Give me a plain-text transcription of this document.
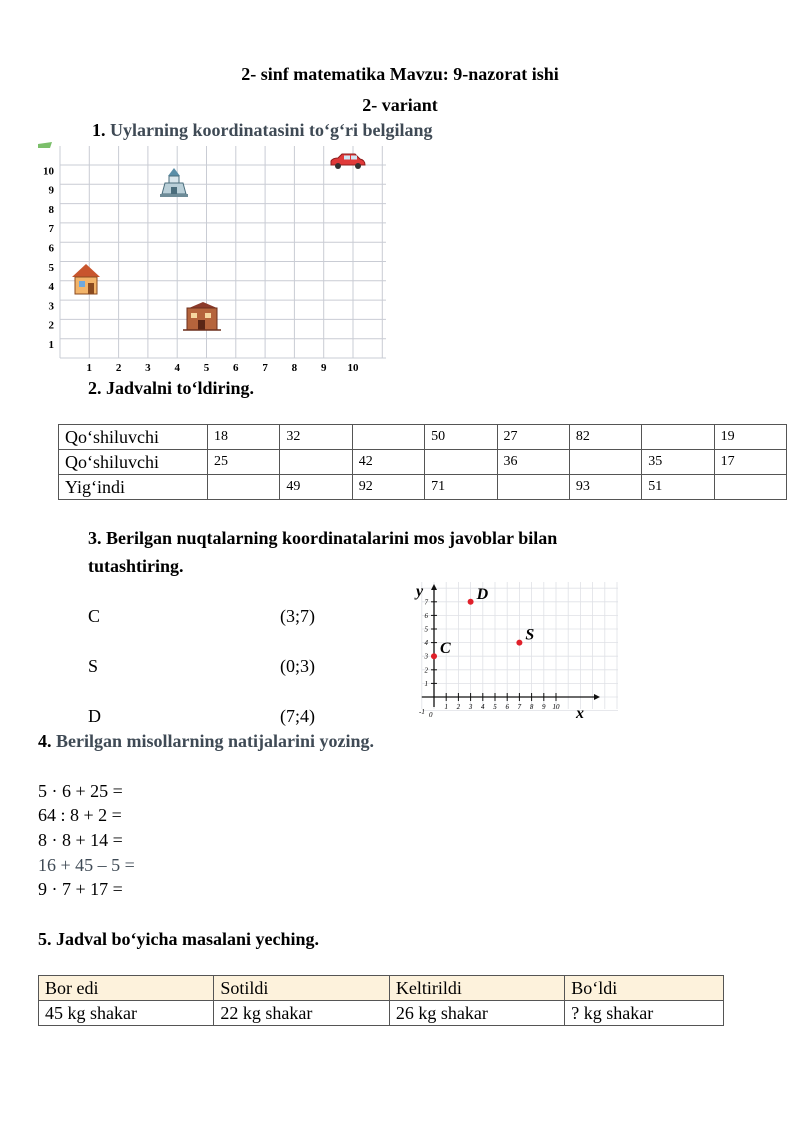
2- sinf matematika Mavzu: 9-nazorat ishi
2- variant
1. Uylarning koordinatasini to‘g‘ri belgilang
1 2 3 4 5 6 7 8 9 10
1
2
3
4
5
6
7
8
9
10
2. Jadvalni to‘ldiring.
Qo‘shiluvchi	18	32		50	27	82		19
Qo‘shiluvchi	25		42		36		35	17
Yig‘indi		49	92	71		93	51	
3. Berilgan nuqtalarning koordinatalarini mos javoblar bilan
tutashtiring.
C
S
D
(3;7)
(0;3)
(7;4)	1 2 3 4 5 6 7 8 9 10
1
2
3
4
5
6
7	D
S
C
y
x
0
-1
4. Berilgan misollarning natijalarini yozing.
5 · 6 + 25 =
64 : 8 + 2 =
8 · 8 + 14 =
16 + 45 – 5 =
9 · 7 + 17 =
5. Jadval bo‘yicha masalani yeching.
Bor edi	Sotildi	Keltirildi	Bo‘ldi
45 kg shakar	22 kg shakar	26 kg shakar	? kg shakar
